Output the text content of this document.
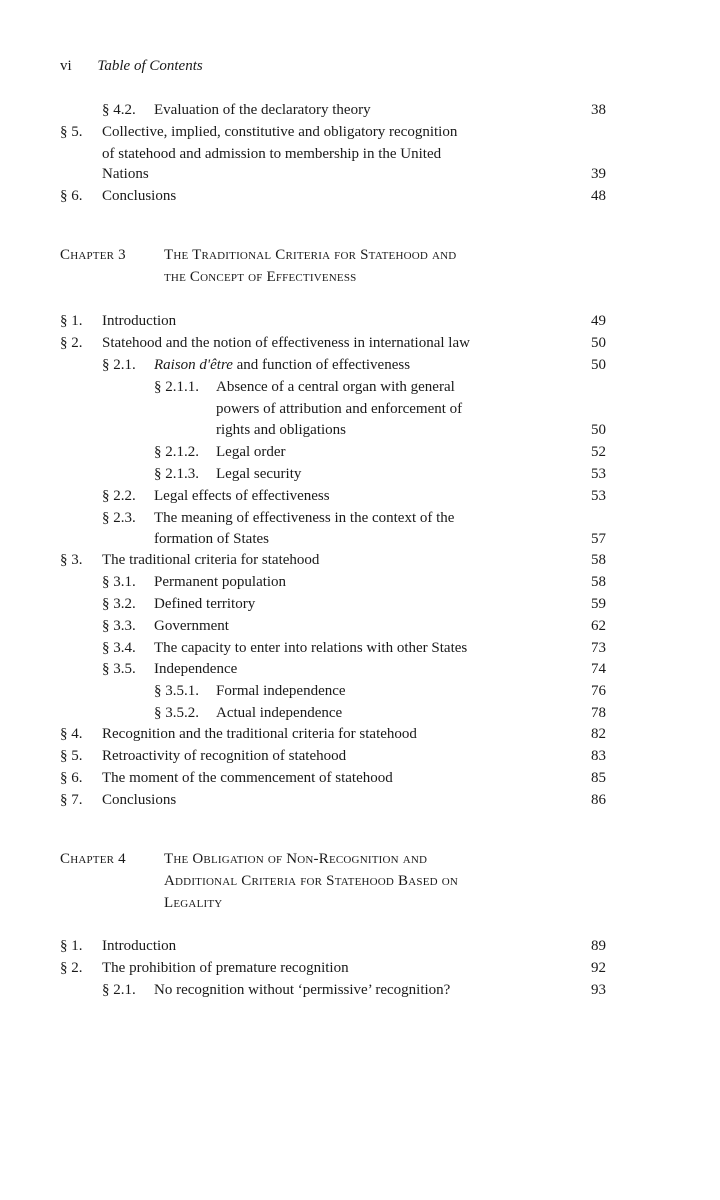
vi Table of Contents
§ 4.2. Evaluation of the declaratory theory	38
§ 5. Collective, implied, constitutive and obligatory recognition
of statehood and admission to membership in the United
Nations	39
§ 6. Conclusions	48
Chapter 3	The Traditional Criteria for Statehood and
the Concept of Effectiveness
§ 1. Introduction	49
§ 2. Statehood and the notion of effectiveness in international law	50
§ 2.1. Raison d'être and function of effectiveness	50
§ 2.1.1. Absence of a central organ with general
powers of attribution and enforcement of
rights and obligations	50
§ 2.1.2. Legal order	52
§ 2.1.3. Legal security	53
§ 2.2. Legal effects of effectiveness	53
§ 2.3. The meaning of effectiveness in the context of the
formation of States	57
§ 3. The traditional criteria for statehood	58
§ 3.1. Permanent population	58
§ 3.2. Defined territory	59
§ 3.3. Government	62
§ 3.4. The capacity to enter into relations with other States	73
§ 3.5. Independence	74
§ 3.5.1. Formal independence	76
§ 3.5.2. Actual independence	78
§ 4. Recognition and the traditional criteria for statehood	82
§ 5. Retroactivity of recognition of statehood	83
§ 6. The moment of the commencement of statehood	85
§ 7. Conclusions	86
Chapter 4	The Obligation of Non-Recognition and
Additional Criteria for Statehood Based on
Legality
§ 1. Introduction	89
§ 2. The prohibition of premature recognition	92
§ 2.1. No recognition without ‘permissive’ recognition?	93
